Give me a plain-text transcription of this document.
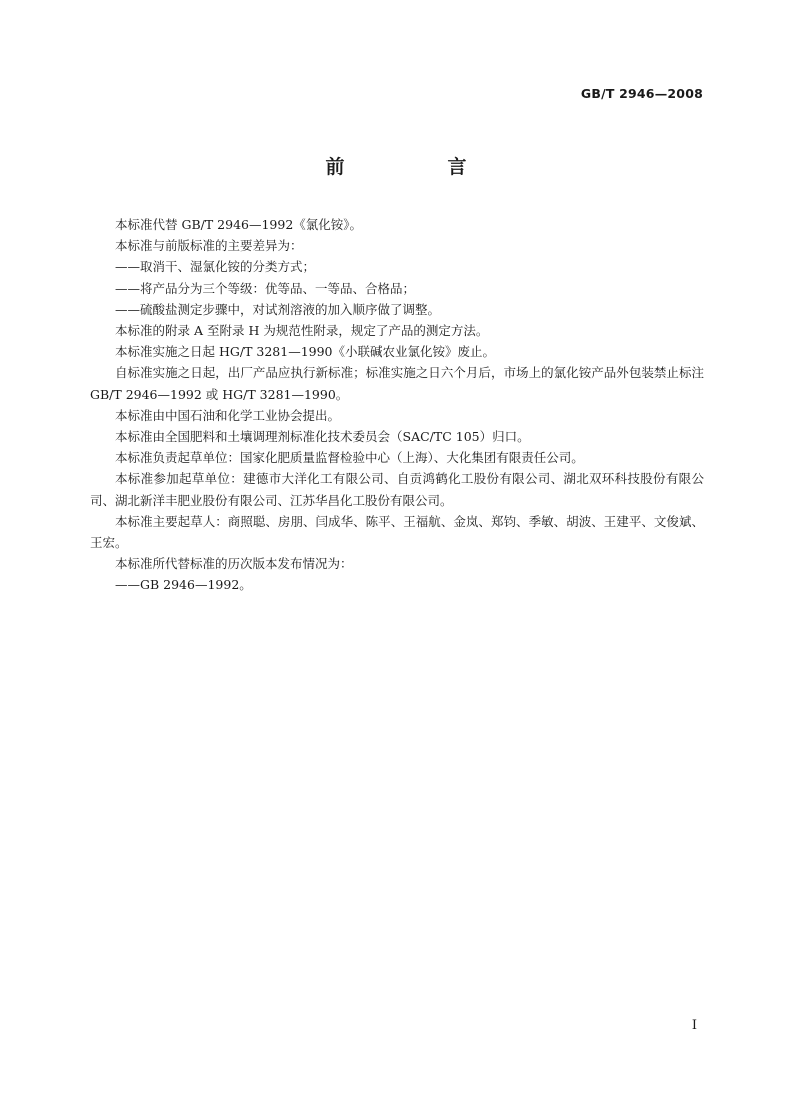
GB/T 2946—2008
前　言

本标准代替 GB/T 2946—1992《氯化铵》。

本标准与前版标准的主要差异为：

——取消干、湿氯化铵的分类方式；

——将产品分为三个等级：优等品、一等品、合格品；

——硫酸盐测定步骤中，对试剂溶液的加入顺序做了调整。

本标准的附录 A 至附录 H 为规范性附录，规定了产品的测定方法。

本标准实施之日起 HG/T 3281—1990《小联碱农业氯化铵》废止。

自标准实施之日起，出厂产品应执行新标准；标准实施之日六个月后，市场上的氯化铵产品外包装禁止标注 GB/T 2946—1992 或 HG/T 3281—1990。

本标准由中国石油和化学工业协会提出。

本标准由全国肥料和土壤调理剂标准化技术委员会（SAC/TC 105）归口。

本标准负责起草单位：国家化肥质量监督检验中心（上海）、大化集团有限责任公司。

本标准参加起草单位：建德市大洋化工有限公司、自贡鸿鹤化工股份有限公司、湖北双环科技股份有限公司、湖北新洋丰肥业股份有限公司、江苏华昌化工股份有限公司。

本标准主要起草人：商照聪、房朋、闫成华、陈平、王福航、金岚、郑钧、季敏、胡波、王建平、文俊斌、王宏。

本标准所代替标准的历次版本发布情况为：

——GB 2946—1992。

I
